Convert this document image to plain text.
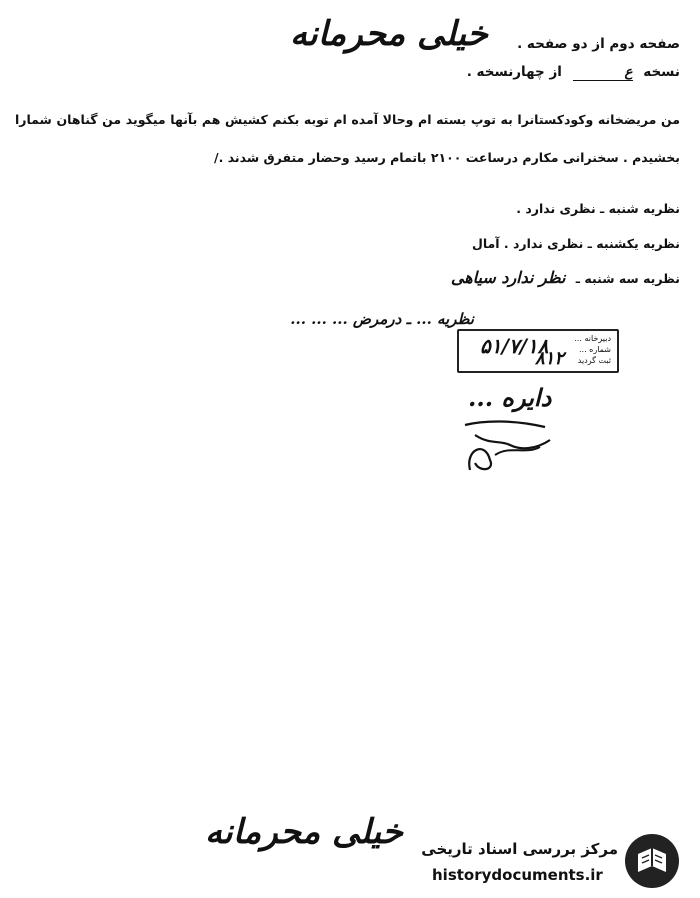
خیلی محرمانه	صفحه دوم از دو صفحه .
نسخه ع از چهارنسخه .
من مریضخانه وکودکستانرا به توپ بسته ام وحالا آمده ام توبه بکنم کشیش هم بآنها میگوید من گناهان شمارا
بخشیدم . سخنرانی مکارم درساعت ۲۱۰۰ باتمام رسید وحضار متفرق شدند ./
نظریه شنبه ـ نظری ندارد .
نظریه یکشنبه ـ نظری ندارد . آمال
نظریه سه شنبه ـ نظر ندارد سیاهی
نظریه ... ـ درمرض ... ... ...
دبیرخانه ...
شماره ...
ثبت گردید
۵۱/۷/۱۸
۸۱۲
دایره ...
خیلی محرمانه مرکز بررسی اسناد تاریخی
historydocuments.ir
